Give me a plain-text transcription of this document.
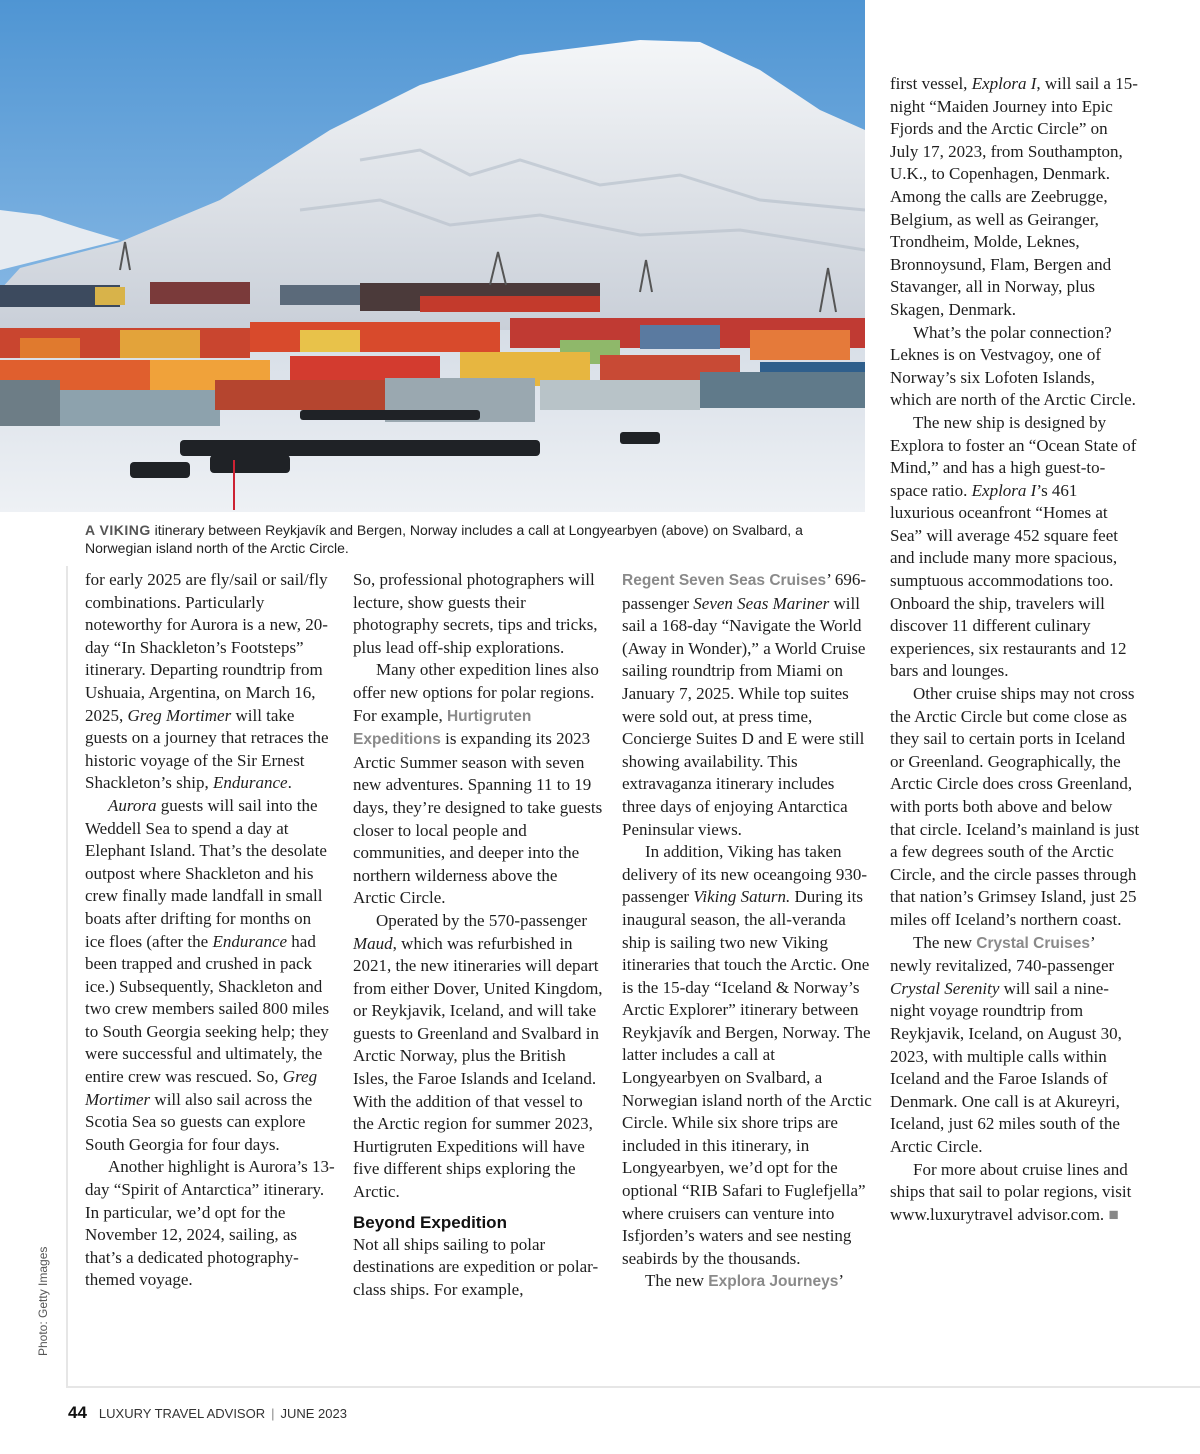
A VIKING itinerary between Reykjavík and Bergen, Norway includes a call at Longyearbyen (above) on Svalbard, a Norwegian island north of the Arctic Circle.
Photo: Getty Images

for early 2025 are fly/sail or sail/fly combinations. Particularly noteworthy for Aurora is a new, 20-day “In Shackleton’s Footsteps” itinerary. Departing roundtrip from Ushuaia, Argentina, on March 16, 2025, Greg Mortimer will take guests on a journey that retraces the historic voyage of the Sir Ernest Shackleton’s ship, Endurance.

Aurora guests will sail into the Weddell Sea to spend a day at Elephant Island. That’s the desolate outpost where Shackleton and his crew finally made landfall in small boats after drifting for months on ice floes (after the Endurance had been trapped and crushed in pack ice.) Subsequently, Shackleton and two crew members sailed 800 miles to South Georgia seeking help; they were successful and ultimately, the entire crew was rescued. So, Greg Mortimer will also sail across the Scotia Sea so guests can explore South Georgia for four days.

Another highlight is Aurora’s 13-day “Spirit of Antarctica” itinerary. In particular, we’d opt for the November 12, 2024, sailing, as that’s a dedicated photography-themed voyage.

So, professional photographers will lecture, show guests their photography secrets, tips and tricks, plus lead off-ship explorations.

Many other expedition lines also offer new options for polar regions. For example, Hurtigruten Expeditions is expanding its 2023 Arctic Summer season with seven new adventures. Spanning 11 to 19 days, they’re designed to take guests closer to local people and communities, and deeper into the northern wilderness above the Arctic Circle.

Operated by the 570-passenger Maud, which was refurbished in 2021, the new itineraries will depart from either Dover, United Kingdom, or Reykjavik, Iceland, and will take guests to Greenland and Svalbard in Arctic Norway, plus the British Isles, the Faroe Islands and Iceland. With the addition of that vessel to the Arctic region for summer 2023, Hurtigruten Expeditions will have five different ships exploring the Arctic.

Beyond Expedition

Not all ships sailing to polar destinations are expedition or polar-class ships. For example,

Regent Seven Seas Cruises’ 696-passenger Seven Seas Mariner will sail a 168-day “Navigate the World (Away in Wonder),” a World Cruise sailing roundtrip from Miami on January 7, 2025. While top suites were sold out, at press time, Concierge Suites D and E were still showing availability. This extravaganza itinerary includes three days of enjoying Antarctica Peninsular views.

In addition, Viking has taken delivery of its new oceangoing 930-passenger Viking Saturn. During its inaugural season, the all-veranda ship is sailing two new Viking itineraries that touch the Arctic. One is the 15-day “Iceland & Norway’s Arctic Explorer” itinerary between Reykjavík and Bergen, Norway. The latter includes a call at Longyearbyen on Svalbard, a Norwegian island north of the Arctic Circle. While six shore trips are included in this itinerary, in Longyearbyen, we’d opt for the optional “RIB Safari to Fuglefjella” where cruisers can venture into Isfjorden’s waters and see nesting seabirds by the thousands.

The new Explora Journeys’

first vessel, Explora I, will sail a 15-night “Maiden Journey into Epic Fjords and the Arctic Circle” on July 17, 2023, from Southampton, U.K., to Copenhagen, Denmark. Among the calls are Zeebrugge, Belgium, as well as Geiranger, Trondheim, Molde, Leknes, Bronnoysund, Flam, Bergen and Stavanger, all in Norway, plus Skagen, Denmark.

What’s the polar connection? Leknes is on Vestvagoy, one of Norway’s six Lofoten Islands, which are north of the Arctic Circle.

The new ship is designed by Explora to foster an “Ocean State of Mind,” and has a high guest-to-space ratio. Explora I’s 461 luxurious oceanfront “Homes at Sea” will average 452 square feet and include many more spacious, sumptuous accommodations too. Onboard the ship, travelers will discover 11 different culinary experiences, six restaurants and 12 bars and lounges.

Other cruise ships may not cross the Arctic Circle but come close as they sail to certain ports in Iceland or Greenland. Geographically, the Arctic Circle does cross Greenland, with ports both above and below that circle. Iceland’s mainland is just a few degrees south of the Arctic Circle, and the circle passes through that nation’s Grimsey Island, just 25 miles off Iceland’s northern coast.

The new Crystal Cruises’ newly revitalized, 740-passenger Crystal Serenity will sail a nine-night voyage roundtrip from Reykjavik, Iceland, on August 30, 2023, with multiple calls within Iceland and the Faroe Islands of Denmark. One call is at Akureyri, Iceland, just 62 miles south of the Arctic Circle.

For more about cruise lines and ships that sail to polar regions, visit www.luxurytravel advisor.com. ■

44 LUXURY TRAVEL ADVISOR | JUNE 2023
